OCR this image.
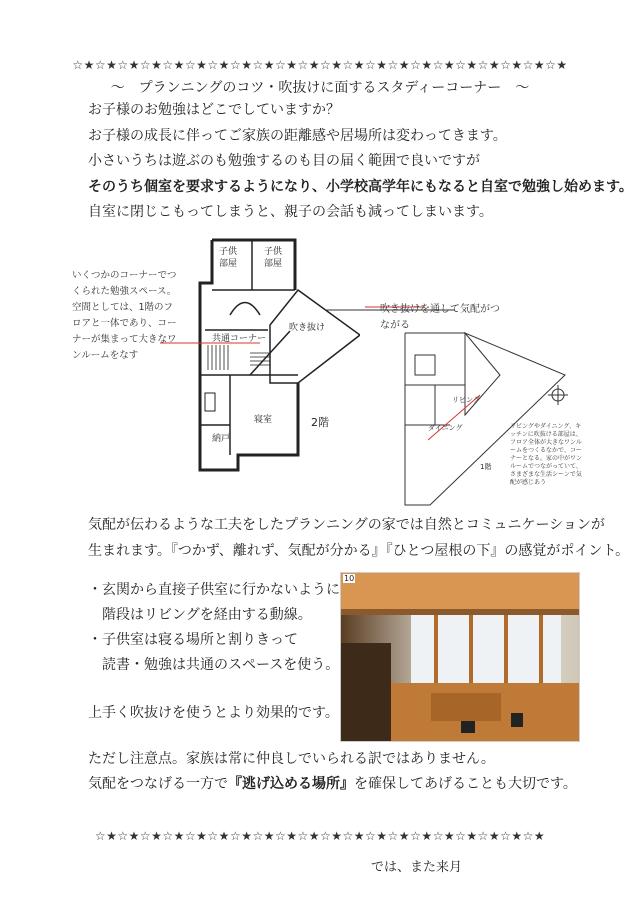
☆★☆★☆★☆★☆★☆★☆★☆★☆★☆★☆★☆★☆★☆★☆★☆★☆★☆★☆★☆★☆★☆★
～　プランニングのコツ・吹抜けに面するスタディーコーナー　～
お子様のお勉強はどこでしていますか？
お子様の成長に伴ってご家族の距離感や居場所は変わってきます。
小さいうちは遊ぶのも勉強するのも目の届く範囲で良いですが
そのうち個室を要求するようになり、小学校高学年にもなると自室で勉強し始めます。
自室に閉じこもってしまうと、親子の会話も減ってしまいます。
いくつかのコーナーでつ
くられた勉強スペース。
空間としては、1階のフ
ロアと一体であり、コー
ナーが集まって大きなワ
ンルームをなす
子供
部屋
子供
部屋
共通コーナー
吹き抜け
寝室
納戸
2階
吹き抜けを通して気配がつ
ながる
リビング
ダイニング
1階
リビングやダイニング、キ
ッチンに吹抜ける部屋は、
フロア全体が大きなワンル
ームをつくるなかで、コー
ナーとなる。家の中がワン
ルームでつながっていて、
さまざまな生活シーンで気
配が感じあう
気配が伝わるような工夫をしたプランニングの家では自然とコミュニケーションが
生まれます。『つかず、離れず、気配が分かる』『ひとつ屋根の下』の感覚がポイント。
・玄関から直接子供室に行かないように
　階段はリビングを経由する動線。
・子供室は寝る場所と割りきって
　読書・勉強は共通のスペースを使う。
上手く吹抜けを使うとより効果的です。
10
ただし注意点。家族は常に仲良しでいられる訳ではありません。
気配をつなげる一方で『逃げ込める場所』を確保してあげることも大切です。
☆★☆★☆★☆★☆★☆★☆★☆★☆★☆★☆★☆★☆★☆★☆★☆★☆★☆★☆★☆★
では、また来月
